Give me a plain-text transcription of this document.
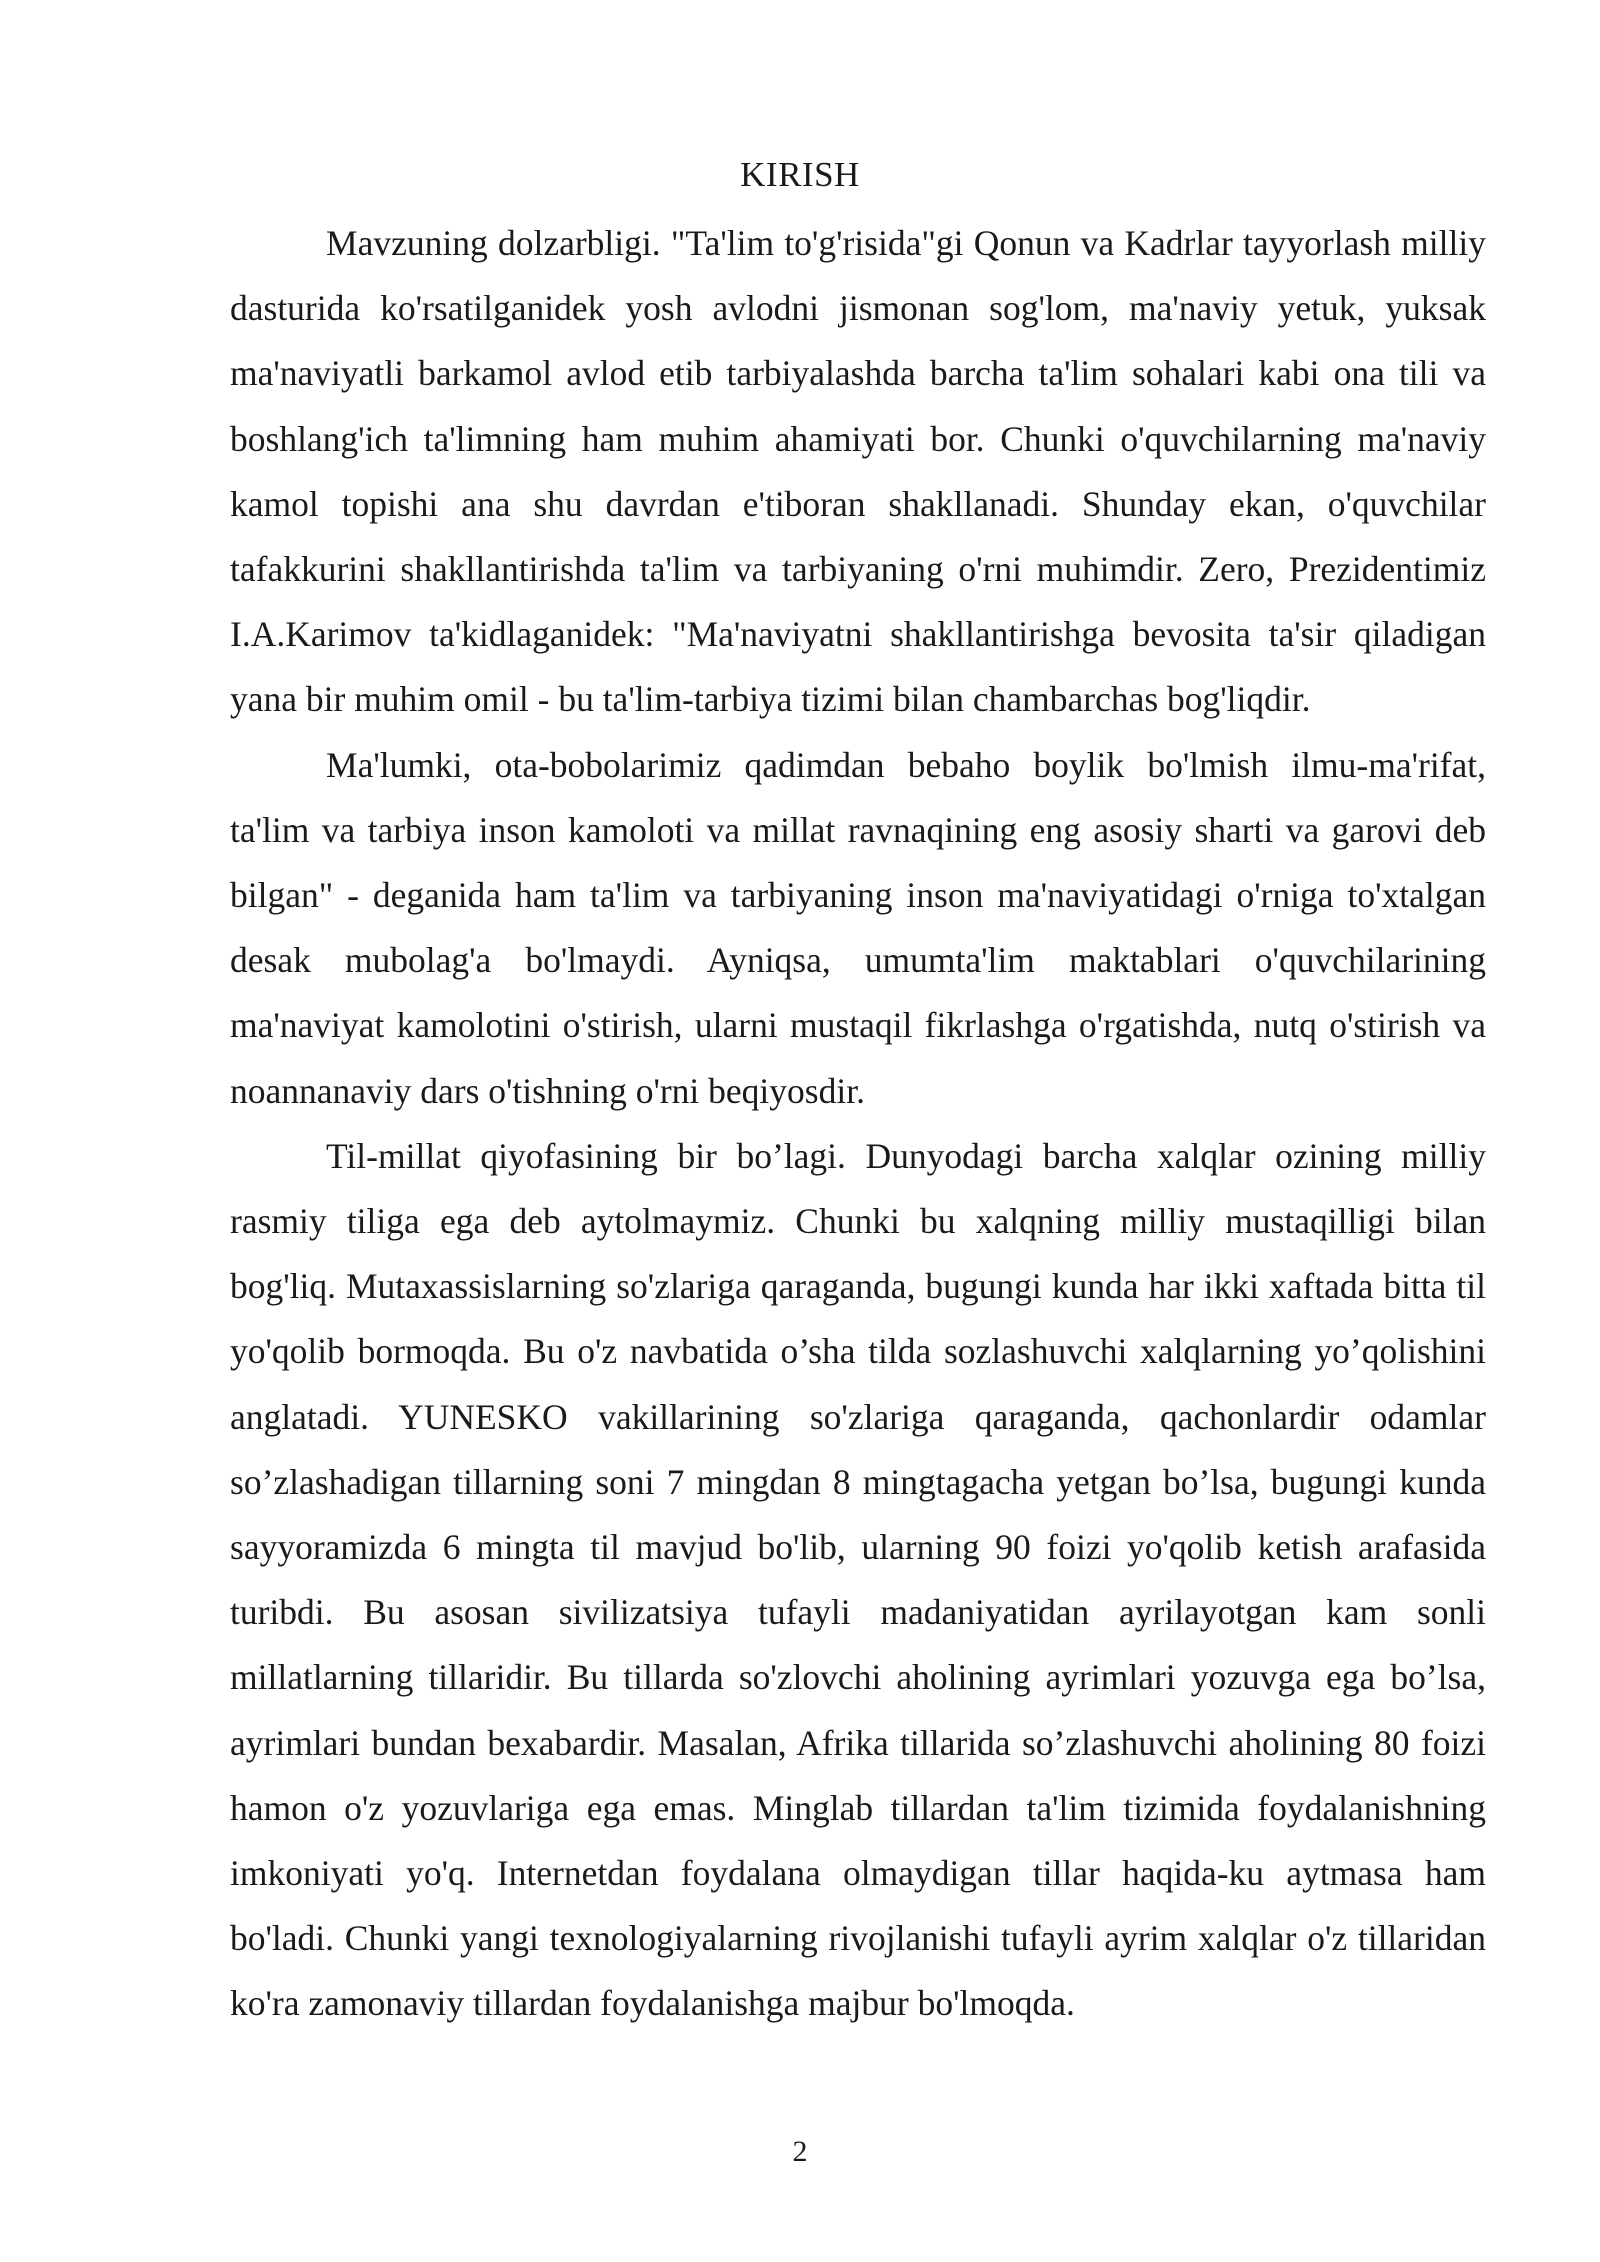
KIRISH

Mavzuning dolzarbligi. "Ta'lim to'g'risida"gi Qonun va Kadrlar tayyorlash milliy dasturida ko'rsatilganidek yosh avlodni jismonan sog'lom, ma'naviy yetuk, yuksak ma'naviyatli barkamol avlod etib tarbiyalashda barcha ta'lim sohalari kabi ona tili va boshlang'ich ta'limning ham muhim ahamiyati bor. Chunki o'quvchilarning ma'naviy kamol topishi ana shu davrdan e'tiboran shakllanadi. Shunday ekan, o'quvchilar tafakkurini shakllantirishda ta'lim va tarbiyaning o'rni muhimdir. Zero, Prezidentimiz I.A.Karimov ta'kidlaganidek: "Ma'naviyatni shakllantirishga bevosita ta'sir qiladigan yana bir muhim omil - bu ta'lim-tarbiya tizimi bilan chambarchas bog'liqdir.

Ma'lumki, ota-bobolarimiz qadimdan bebaho boylik bo'lmish ilmu-ma'rifat, ta'lim va tarbiya inson kamoloti va millat ravnaqining eng asosiy sharti va garovi deb bilgan" - deganida ham ta'lim va tarbiyaning inson ma'naviyatidagi o'rniga to'xtalgan desak mubolag'a bo'lmaydi. Ayniqsa, umumta'lim maktablari o'quvchilarining ma'naviyat kamolotini o'stirish, ularni mustaqil fikrlashga o'rgatishda, nutq o'stirish va noannanaviy dars o'tishning o'rni beqiyosdir.

Til-millat qiyofasining bir bo’lagi. Dunyodagi barcha xalqlar ozining milliy rasmiy tiliga ega deb aytolmaymiz. Chunki bu xalqning milliy mustaqilligi bilan bog'liq. Mutaxassislarning so'zlariga qaraganda, bugungi kunda har ikki xaftada bitta til yo'qolib bormoqda. Bu o'z navbatida o’sha tilda sozlashuvchi xalqlarning yo’qolishini anglatadi. YUNESKO vakillarining so'zlariga qaraganda, qachonlardir odamlar so’zlashadigan tillarning soni 7 mingdan 8 mingtagacha yetgan bo’lsa, bugungi kunda sayyoramizda 6 mingta til mavjud bo'lib, ularning 90 foizi yo'qolib ketish arafasida turibdi. Bu asosan sivilizatsiya tufayli madaniyatidan ayrilayotgan kam sonli millatlarning tillaridir. Bu tillarda so'zlovchi aholining ayrimlari yozuvga ega bo’lsa, ayrimlari bundan bexabardir. Masalan, Afrika tillarida so’zlashuvchi aholining 80 foizi hamon o'z yozuvlariga ega emas. Minglab tillardan ta'lim tizimida foydalanishning imkoniyati yo'q. Internetdan foydalana olmaydigan tillar haqida-ku aytmasa ham bo'ladi. Chunki yangi texnologiyalarning rivojlanishi tufayli ayrim xalqlar o'z tillaridan ko'ra zamonaviy tillardan foydalanishga majbur bo'lmoqda.

2
